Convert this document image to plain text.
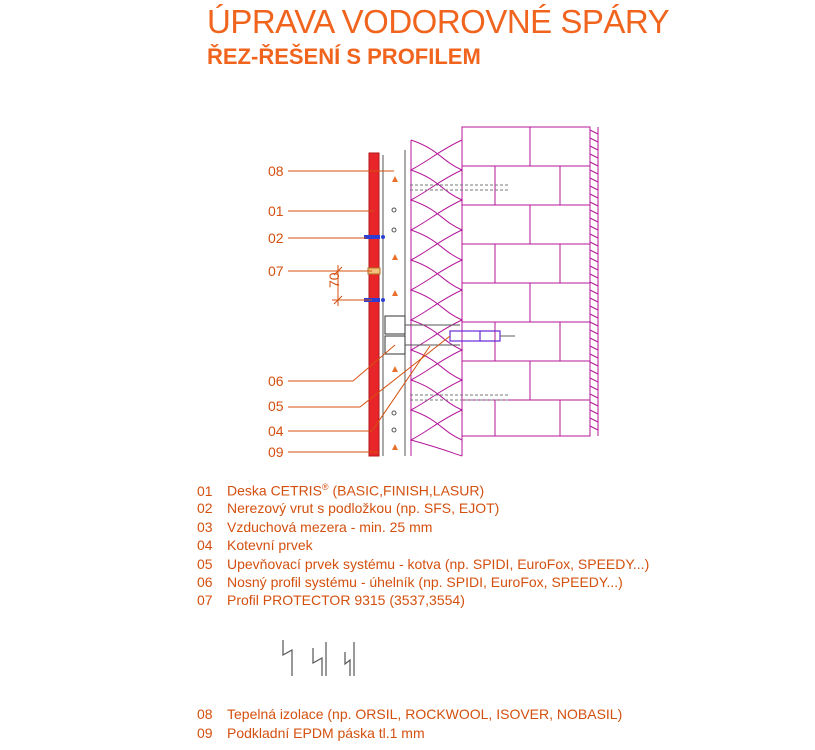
ÚPRAVA VODOROVNÉ SPÁRY
ŘEZ-ŘEŠENÍ S PROFILEM
08
01
02
07
06
05
04
09
70
01 Deska CETRIS® (BASIC,FINISH,LASUR)
02 Nerezový vrut s podložkou (np. SFS, EJOT)
03 Vzduchová mezera - min. 25 mm
04 Kotevní prvek
05 Upevňovací prvek systému - kotva (np. SPIDI, EuroFox, SPEEDY...)
06 Nosný profil systému - úhelník (np. SPIDI, EuroFox, SPEEDY...)
07 Profil PROTECTOR 9315 (3537,3554)
08 Tepelná izolace (np. ORSIL, ROCKWOOL, ISOVER, NOBASIL)
09 Podkladní EPDM páska tl.1 mm
